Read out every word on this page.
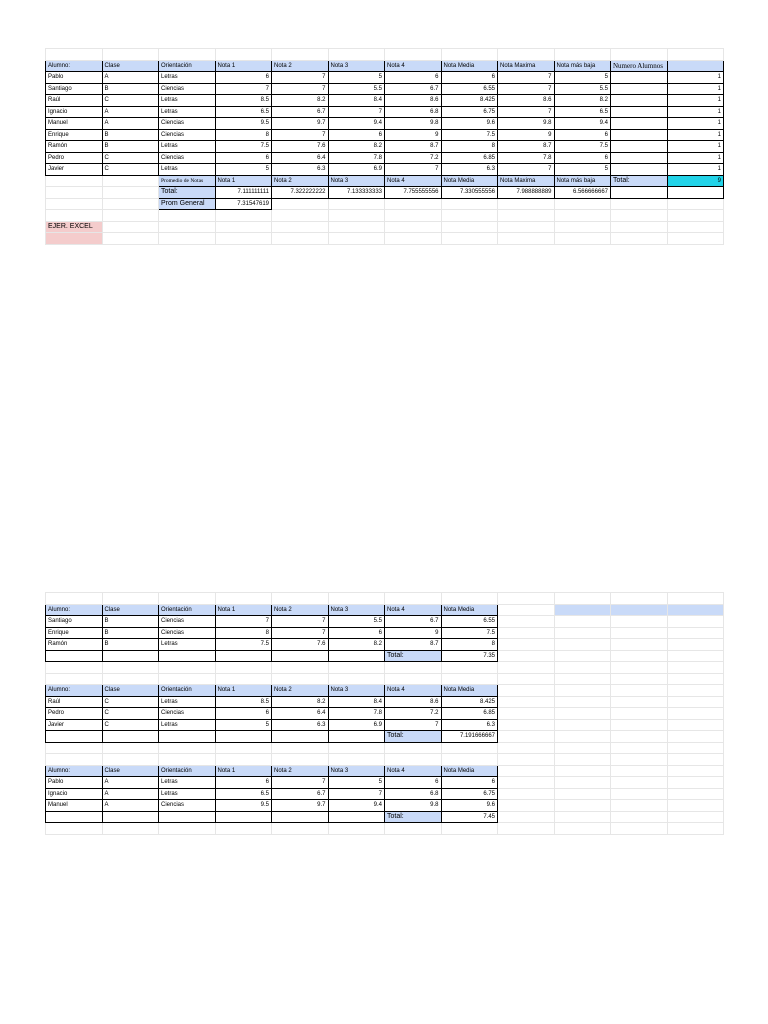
Alumno:	Clase	Orientación	Nota 1	Nota 2	Nota 3	Nota 4	Nota Media	Nota Maxima	Nota más baja	Numero Alumnos	
Pablo	A	Letras	6	7	5	6	6	7	5		1
Santiago	B	Ciencias	7	7	5.5	6.7	6.55	7	5.5		1
Raúl	C	Letras	8.5	8.2	8.4	8.6	8.425	8.6	8.2		1
Ignacio	A	Letras	6.5	6.7	7	6.8	6.75	7	6.5		1
Manuel	A	Ciencias	9.5	9.7	9.4	9.8	9.6	9.8	9.4		1
Enrique	B	Ciencias	8	7	6	9	7.5	9	6		1
Ramón	B	Letras	7.5	7.6	8.2	8.7	8	8.7	7.5		1
Pedro	C	Ciencias	6	6.4	7.8	7.2	6.85	7.8	6		1
Javier	C	Letras	5	6.3	6.9	7	6.3	7	5		1
		Promedio de Notas	Nota 1	Nota 2	Nota 3	Nota 4	Nota Media	Nota Maxima	Nota más baja	Total:	9
		Total:	7.111111111	7.322222222	7.133333333	7.755555556	7.330555556	7.988888889	6.566666667		
		Prom General	7.31547619								

EJER. EXCEL											

Alumno:	Clase	Orientación	Nota 1	Nota 2	Nota 3	Nota 4	Nota Media				
Santiago	B	Ciencias	7	7	5.5	6.7	6.55				
Enrique	B	Ciencias	8	7	6	9	7.5				
Ramón	B	Letras	7.5	7.6	8.2	8.7	8				
						Total:	7.35				

Alumno:	Clase	Orientación	Nota 1	Nota 2	Nota 3	Nota 4	Nota Media				
Raúl	C	Letras	8.5	8.2	8.4	8.6	8.425				
Pedro	C	Ciencias	6	6.4	7.8	7.2	6.85				
Javier	C	Letras	5	6.3	6.9	7	6.3				
						Total:	7.191666667				

Alumno:	Clase	Orientación	Nota 1	Nota 2	Nota 3	Nota 4	Nota Media				
Pablo	A	Letras	6	7	5	6	6				
Ignacio	A	Letras	6.5	6.7	7	6.8	6.75				
Manuel	A	Ciencias	9.5	9.7	9.4	9.8	9.6				
						Total:	7.45				
